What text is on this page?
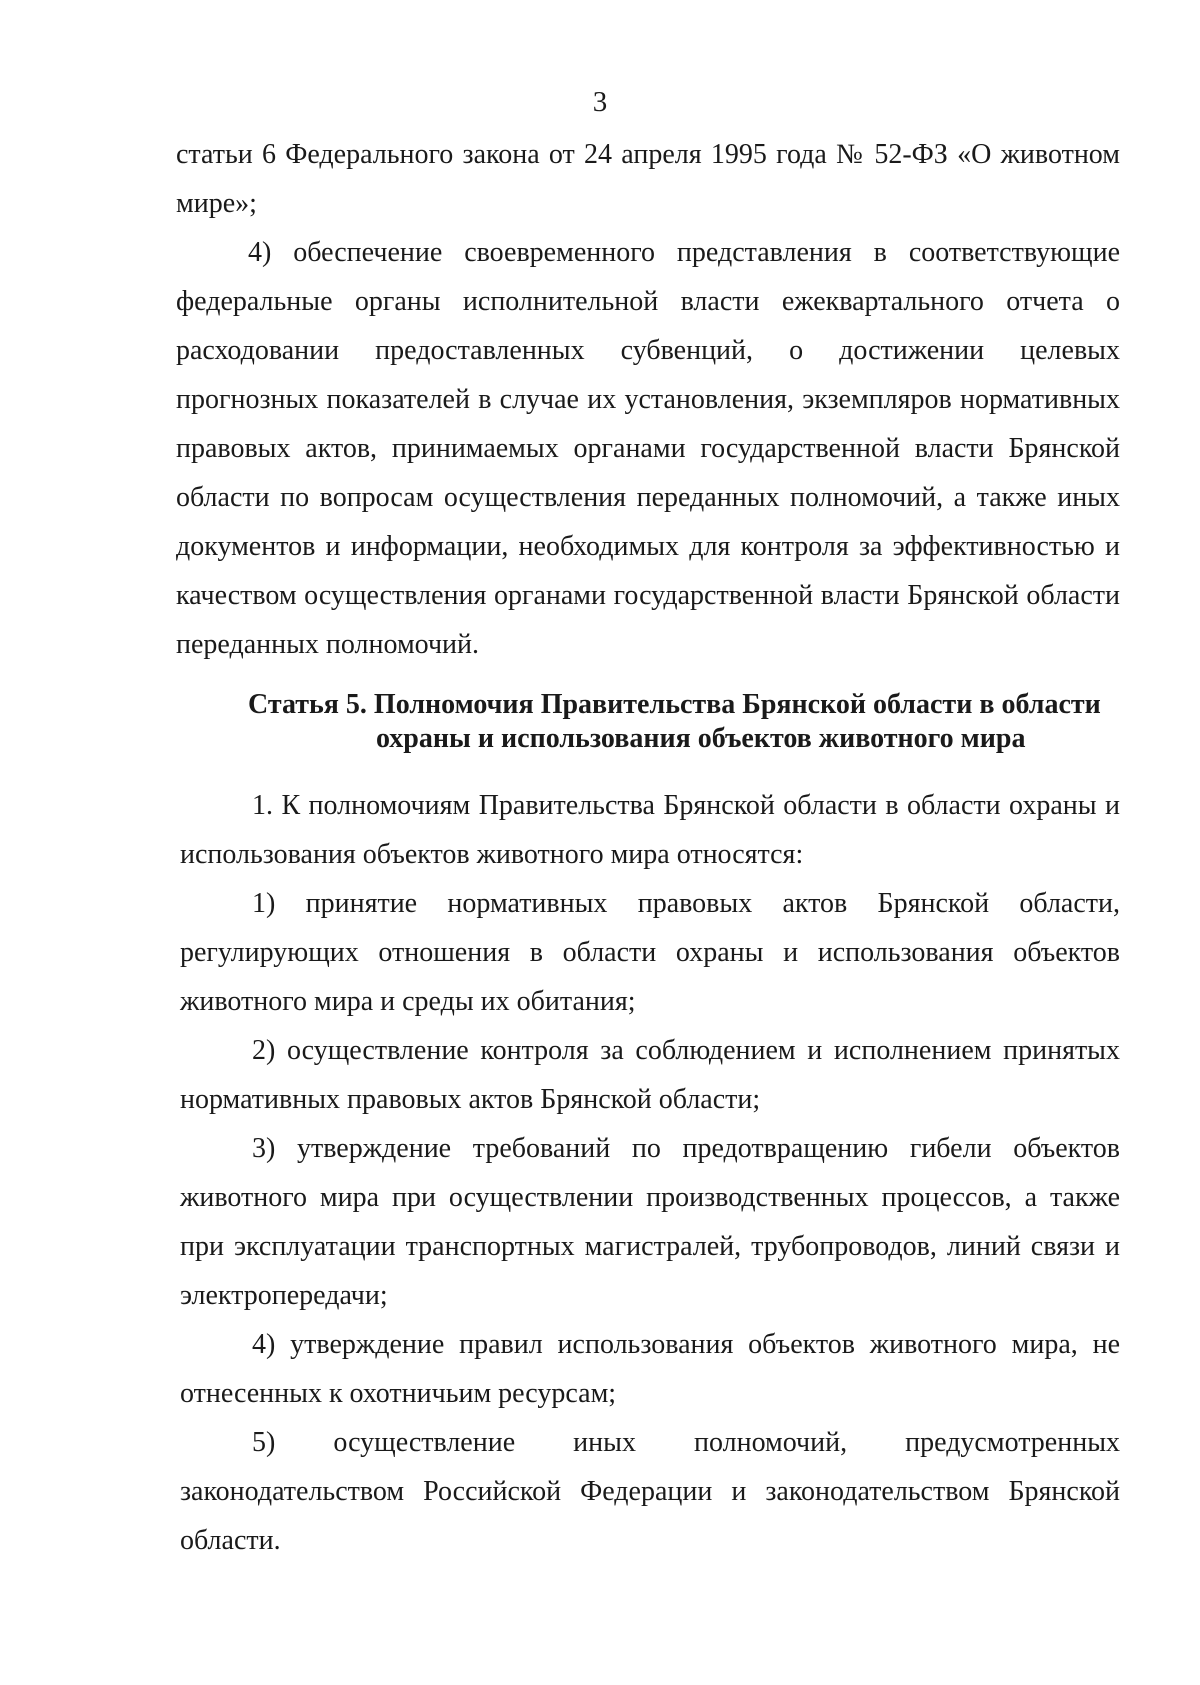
3

статьи 6 Федерального закона от 24 апреля 1995 года № 52-ФЗ «О животном мире»;

4) обеспечение своевременного представления в соответствующие федеральные органы исполнительной власти ежеквартального отчета о расходовании предоставленных субвенций, о достижении целевых прогнозных показателей в случае их установления, экземпляров нормативных правовых актов, принимаемых органами государственной власти Брянской области по вопросам осуществления переданных полномочий, а также иных документов и информации, необходимых для контроля за эффективностью и качеством осуществления органами государственной власти Брянской области переданных полномочий.

Статья 5. Полномочия Правительства Брянской области в области
охраны и использования объектов животного мира

1. К полномочиям Правительства Брянской области в области охраны и использования объектов животного мира относятся:

1) принятие нормативных правовых актов Брянской области, регулирующих отношения в области охраны и использования объектов животного мира и среды их обитания;

2) осуществление контроля за соблюдением и исполнением принятых нормативных правовых актов Брянской области;

3) утверждение требований по предотвращению гибели объектов животного мира при осуществлении производственных процессов, а также при эксплуатации транспортных магистралей, трубопроводов, линий связи и электропередачи;

4) утверждение правил использования объектов животного мира, не отнесенных к охотничьим ресурсам;

5) осуществление иных полномочий, предусмотренных законодательством Российской Федерации и законодательством Брянской области.
